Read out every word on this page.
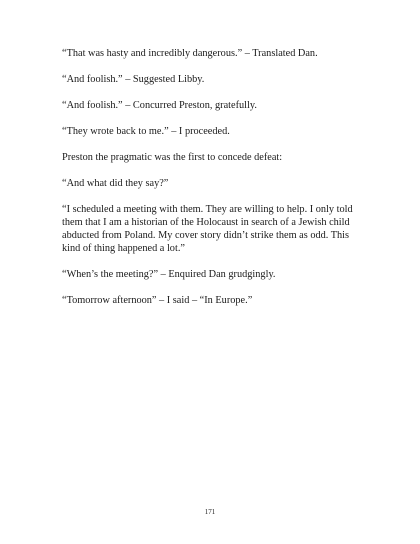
“That was hasty and incredibly dangerous.” – Translated Dan.

“And foolish.” – Suggested Libby.

“And foolish.” – Concurred Preston, gratefully.

“They wrote back to me.” – I proceeded.

Preston the pragmatic was the first to concede defeat:

“And what did they say?”

“I scheduled a meeting with them. They are willing to help. I only told them that I am a historian of the Holocaust in search of a Jewish child abducted from Poland. My cover story didn’t strike them as odd. This kind of thing happened a lot.”

“When’s the meeting?” – Enquired Dan grudgingly.

“Tomorrow afternoon” – I said – “In Europe.”

171
